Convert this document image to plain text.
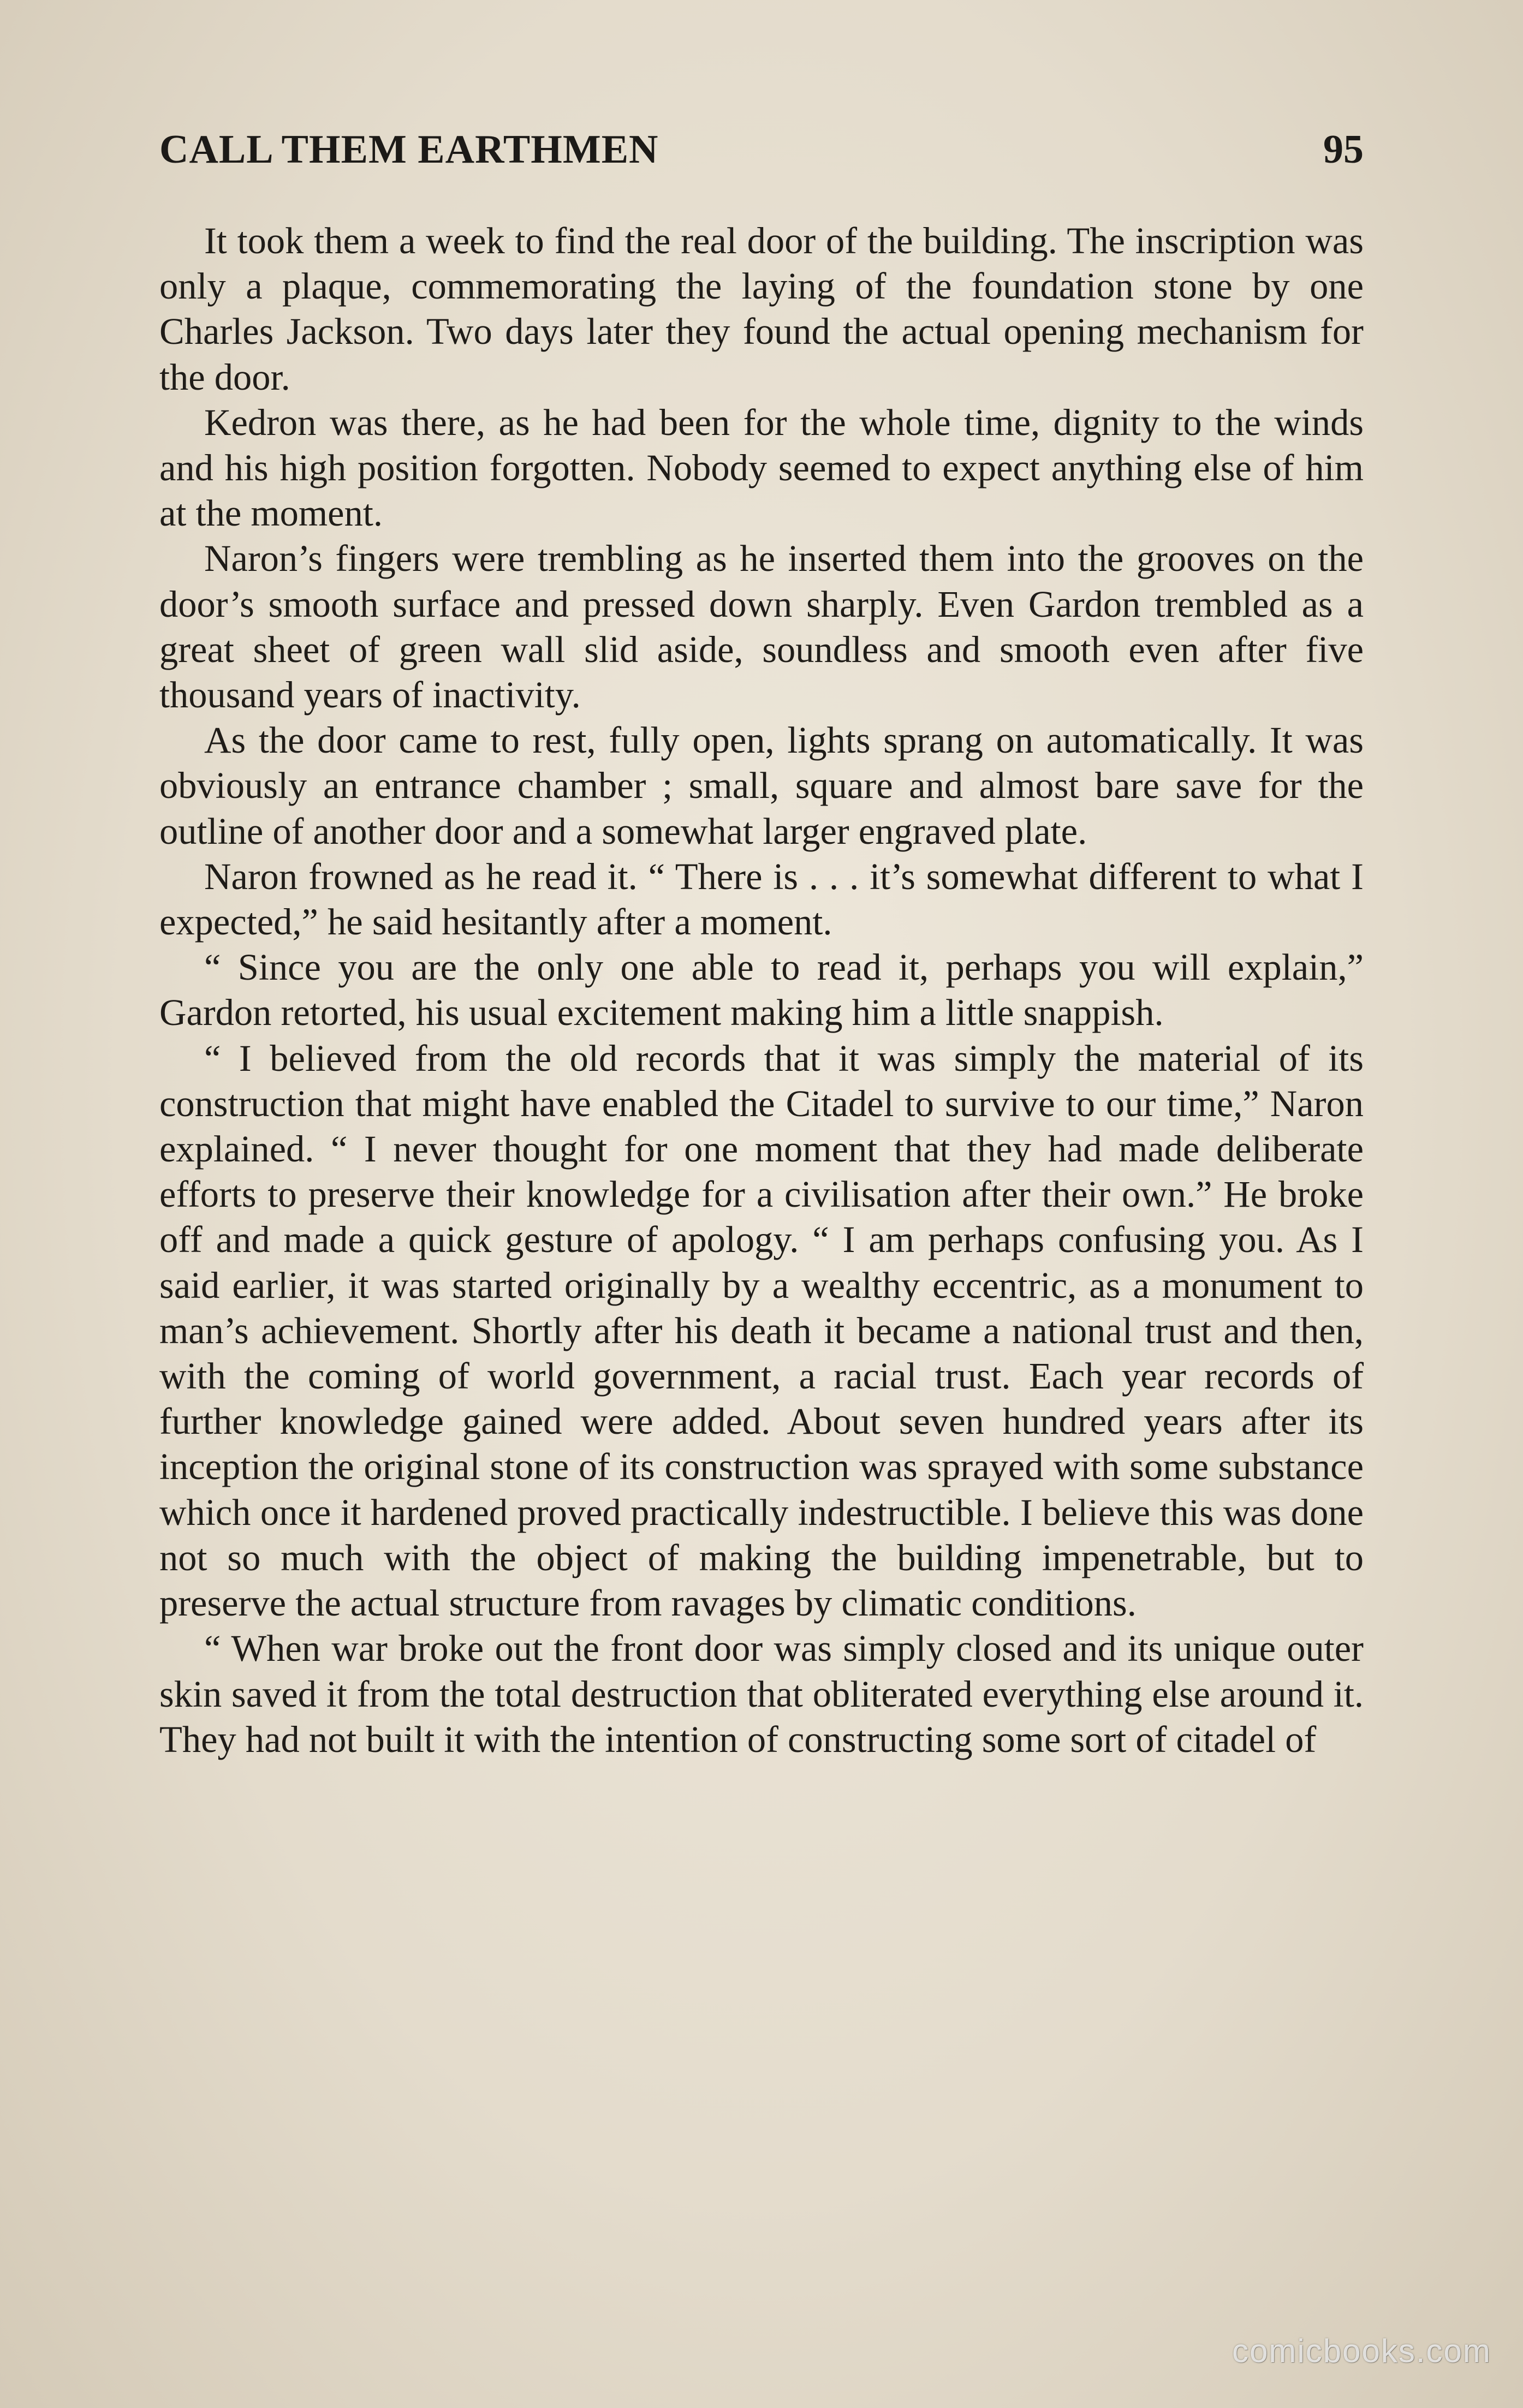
CALL THEM EARTHMEN	95

It took them a week to find the real door of the building. The inscription was only a plaque, commemorating the laying of the foundation stone by one Charles Jackson. Two days later they found the actual opening mechanism for the door.

Kedron was there, as he had been for the whole time, dignity to the winds and his high position forgotten. Nobody seemed to expect anything else of him at the moment.

Naron’s fingers were trembling as he inserted them into the grooves on the door’s smooth surface and pressed down sharply. Even Gardon trembled as a great sheet of green wall slid aside, soundless and smooth even after five thousand years of inactivity.

As the door came to rest, fully open, lights sprang on automatically. It was obviously an entrance chamber ; small, square and almost bare save for the outline of another door and a somewhat larger engraved plate.

Naron frowned as he read it. “ There is . . . it’s somewhat different to what I expected,” he said hesitantly after a moment.

“ Since you are the only one able to read it, perhaps you will explain,” Gardon retorted, his usual excitement making him a little snappish.

“ I believed from the old records that it was simply the material of its construction that might have enabled the Citadel to survive to our time,” Naron explained. “ I never thought for one moment that they had made deliberate efforts to preserve their knowledge for a civilisation after their own.” He broke off and made a quick gesture of apology. “ I am perhaps confusing you. As I said earlier, it was started originally by a wealthy eccentric, as a monument to man’s achievement. Shortly after his death it became a national trust and then, with the coming of world government, a racial trust. Each year records of further knowledge gained were added. About seven hundred years after its inception the original stone of its construction was sprayed with some substance which once it hardened proved practically indestructible. I believe this was done not so much with the object of making the building impenetrable, but to preserve the actual structure from ravages by climatic conditions.

“ When war broke out the front door was simply closed and its unique outer skin saved it from the total destruction that obliterated everything else around it. They had not built it with the intention of constructing some sort of citadel of

comicbooks.com
